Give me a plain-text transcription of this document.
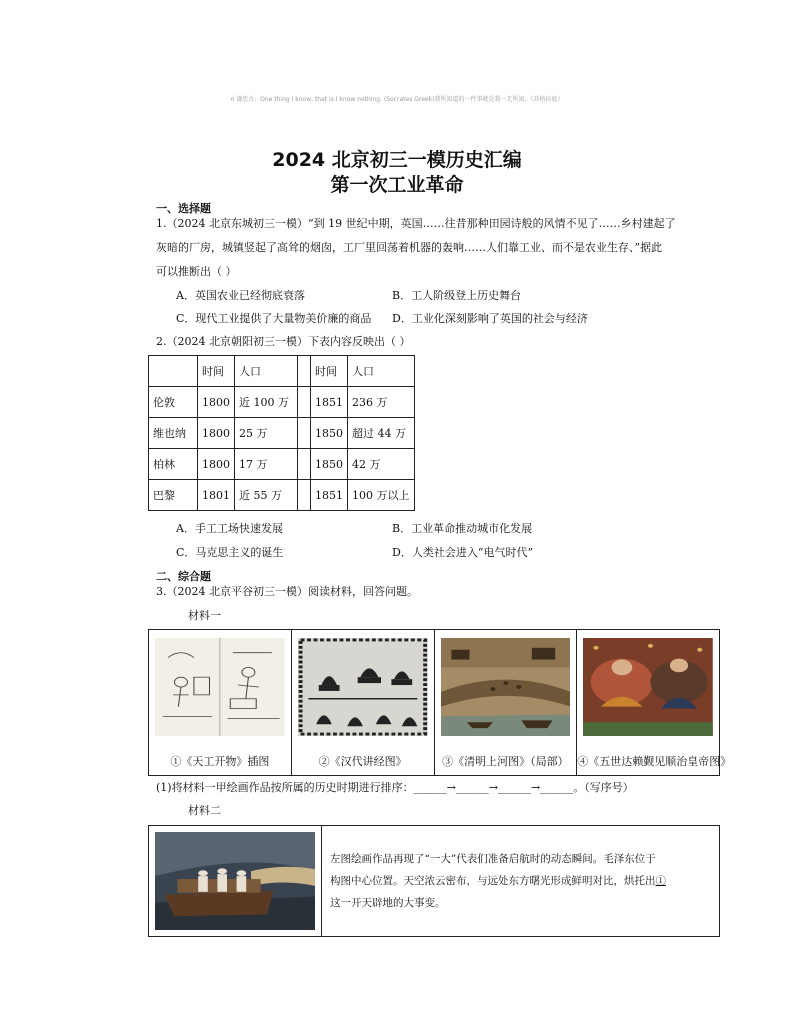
o 谦思言：One thing I know, that is I know nothing. (Socrates Greek)我所知道的一件事就是我一无所知。（苏格拉底）
2024 北京初三一模历史汇编
第一次工业革命
一、选择题
1.（2024 北京东城初三一模）“到 19 世纪中期，英国……往昔那种田园诗般的风情不见了……乡村建起了
灰暗的厂房，城镇竖起了高耸的烟囱，工厂里回荡着机器的轰响……人们靠工业、而不是农业生存、”据此
可以推断出（ ）
A．英国农业已经彻底衰落	B．工人阶级登上历史舞台
C．现代工业提供了大量物美价廉的商品 D．工业化深刻影响了英国的社会与经济
2.（2024 北京朝阳初三一模）下表内容反映出（ ）
	时间	人口		时间	人口
伦敦	1800	近 100 万		1851	236 万
维也纳	1800	25 万		1850	超过 44 万
柏林	1800	17 万		1850	42 万
巴黎	1801	近 55 万		1851	100 万以上
A．手工工场快速发展	B．工业革命推动城市化发展
C．马克思主义的诞生	D．人类社会进入“电气时代”
二、综合题
3.（2024 北京平谷初三一模）阅读材料，回答问题。
材料一
①《天工开物》插图	②《汉代讲经图》	③《清明上河图》（局部） ④《五世达赖觐见顺治皇帝图》
(1)将材料一甲绘画作品按所属的历史时期进行排序：______→______→______→______。（写序号）
材料二
左图绘画作品再现了“一大”代表们准备启航时的动态瞬间。毛泽东位于
构图中心位置。天空浓云密布，与远处东方曙光形成鲜明对比，烘托出①
这一开天辟地的大事变。
